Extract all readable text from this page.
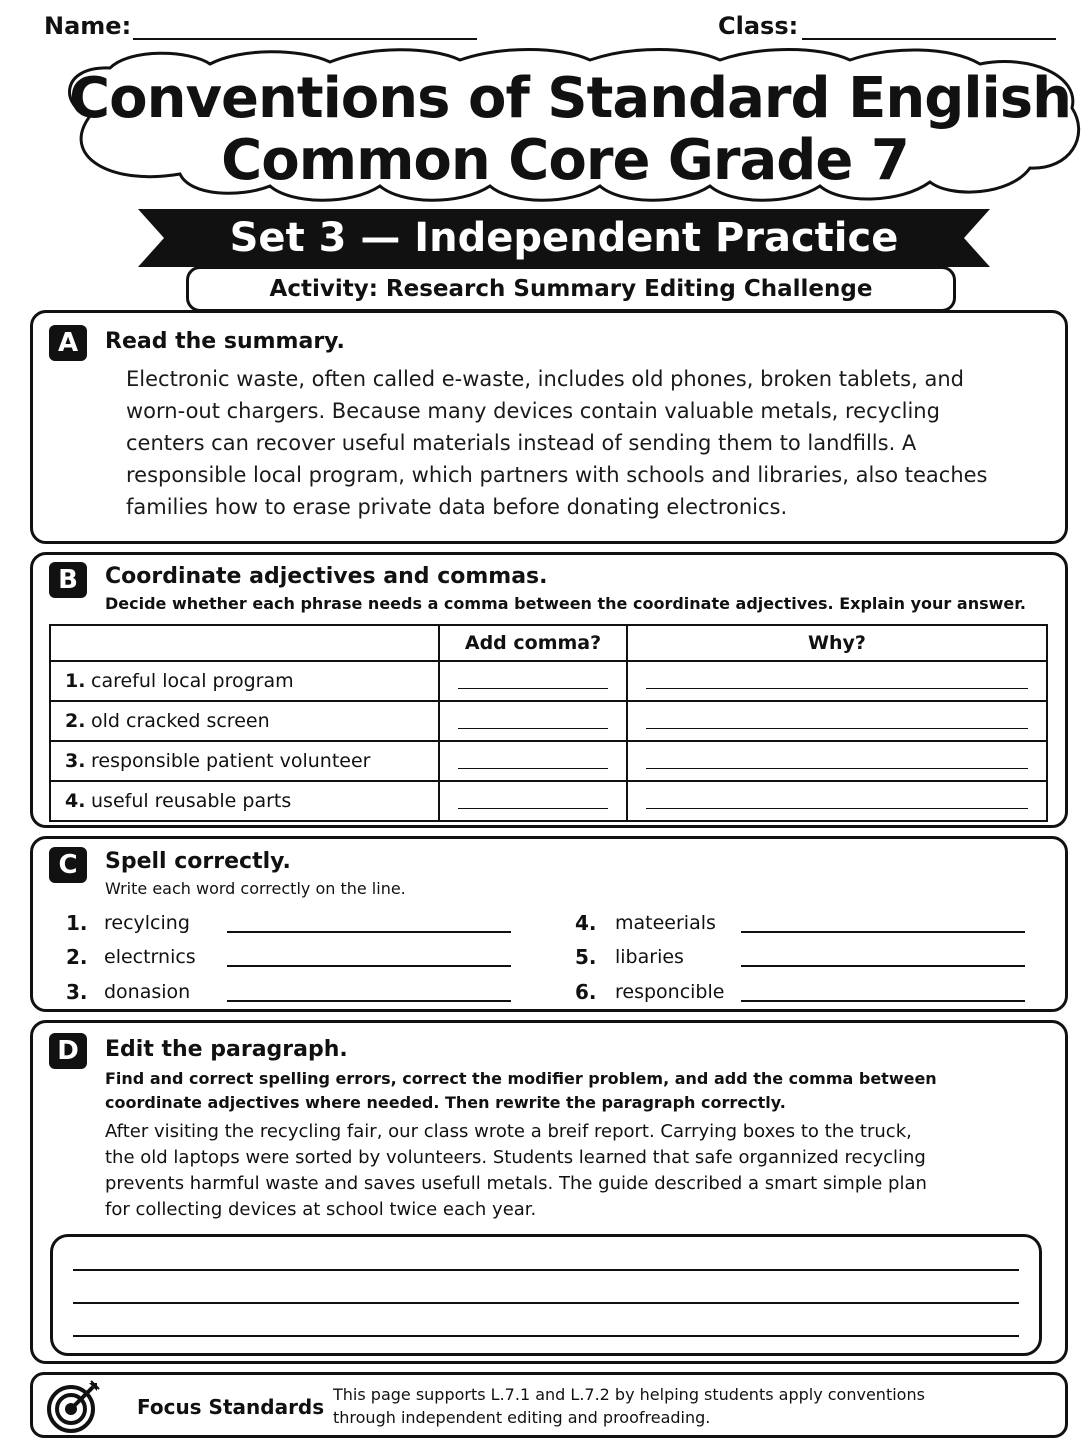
Name:	Class:
Conventions of Standard English
Common Core Grade 7
Set 3 — Independent Practice
Activity: Research Summary Editing Challenge
A	Read the summary.
Electronic waste, often called e-waste, includes old phones, broken tablets, and
worn-out chargers. Because many devices contain valuable metals, recycling
centers can recover useful materials instead of sending them to landfills. A
responsible local program, which partners with schools and libraries, also teaches
families how to erase private data before donating electronics.
B	Coordinate adjectives and commas.
Decide whether each phrase needs a comma between the coordinate adjectives. Explain your answer.
	Add comma?	Why?
1. careful local program	

2. old cracked screen	

3. responsible patient volunteer	

4. useful reusable parts	

C	Spell correctly.
Write each word correctly on the line.
1. recylcing
2. electrnics
3. donasion
4. mateerials
5. libaries
6. responcible
D	Edit the paragraph.
Find and correct spelling errors, correct the modifier problem, and add the comma between
coordinate adjectives where needed. Then rewrite the paragraph correctly.
After visiting the recycling fair, our class wrote a breif report. Carrying boxes to the truck,
the old laptops were sorted by volunteers. Students learned that safe organnized recycling
prevents harmful waste and saves usefull metals. The guide described a smart simple plan
for collecting devices at school twice each year.
Focus Standards
This page supports L.7.1 and L.7.2 by helping students apply conventions
through independent editing and proofreading.
